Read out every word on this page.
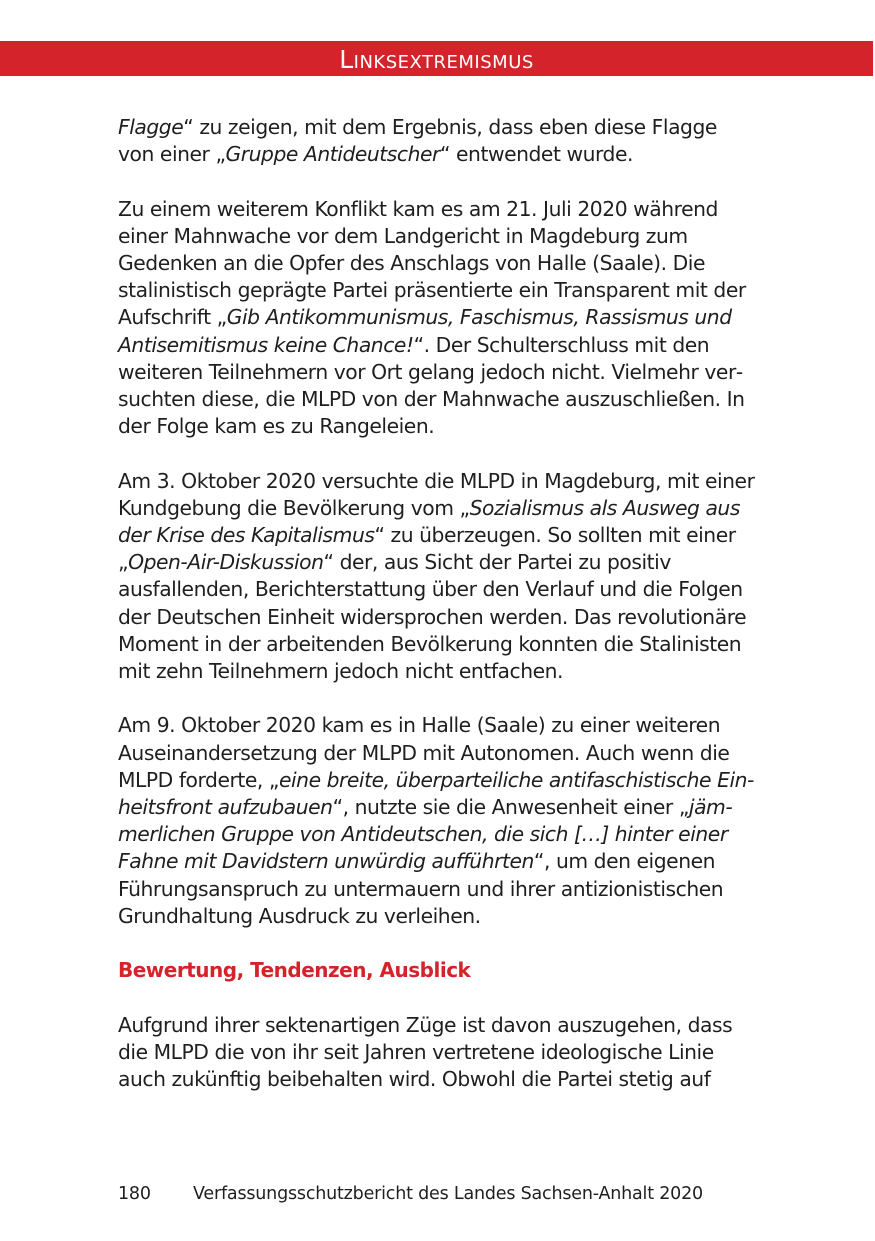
Linksextremismus

Flagge“ zu zeigen, mit dem Ergebnis, dass eben diese Flagge von einer „Gruppe Antideutscher“ entwendet wurde.

Zu einem weiterem Konflikt kam es am 21. Juli 2020 während einer Mahnwache vor dem Landgericht in Magdeburg zum Gedenken an die Opfer des Anschlags von Halle (Saale). Die stalinistisch geprägte Partei präsentierte ein Transparent mit der Aufschrift „Gib Antikommunismus, Faschismus, Rassismus und Antisemitismus keine Chance!“. Der Schulterschluss mit den weiteren Teilnehmern vor Ort gelang jedoch nicht. Vielmehr versuchten diese, die MLPD von der Mahnwache auszuschließen. In der Folge kam es zu Rangeleien.

Am 3. Oktober 2020 versuchte die MLPD in Magdeburg, mit einer Kundgebung die Bevölkerung vom „Sozialismus als Ausweg aus der Krise des Kapitalismus“ zu überzeugen. So sollten mit einer „Open-Air-Diskussion“ der, aus Sicht der Partei zu positiv ausfallenden, Berichterstattung über den Verlauf und die Folgen der Deutschen Einheit widersprochen werden. Das revolutionäre Moment in der arbeitenden Bevölkerung konnten die Stalinisten mit zehn Teilnehmern jedoch nicht entfachen.

Am 9. Oktober 2020 kam es in Halle (Saale) zu einer weiteren Auseinandersetzung der MLPD mit Autonomen. Auch wenn die MLPD forderte, „eine breite, überparteiliche antifaschistische Einheitsfront aufzubauen“, nutzte sie die Anwesenheit einer „jämmerlichen Gruppe von Antideutschen, die sich […] hinter einer Fahne mit Davidstern unwürdig aufführten“, um den eigenen Führungsanspruch zu untermauern und ihrer antizionistischen Grundhaltung Ausdruck zu verleihen.

Bewertung, Tendenzen, Ausblick

Aufgrund ihrer sektenartigen Züge ist davon auszugehen, dass die MLPD die von ihr seit Jahren vertretene ideologische Linie auch zukünftig beibehalten wird. Obwohl die Partei stetig auf

180 Verfassungsschutzbericht des Landes Sachsen-Anhalt 2020
